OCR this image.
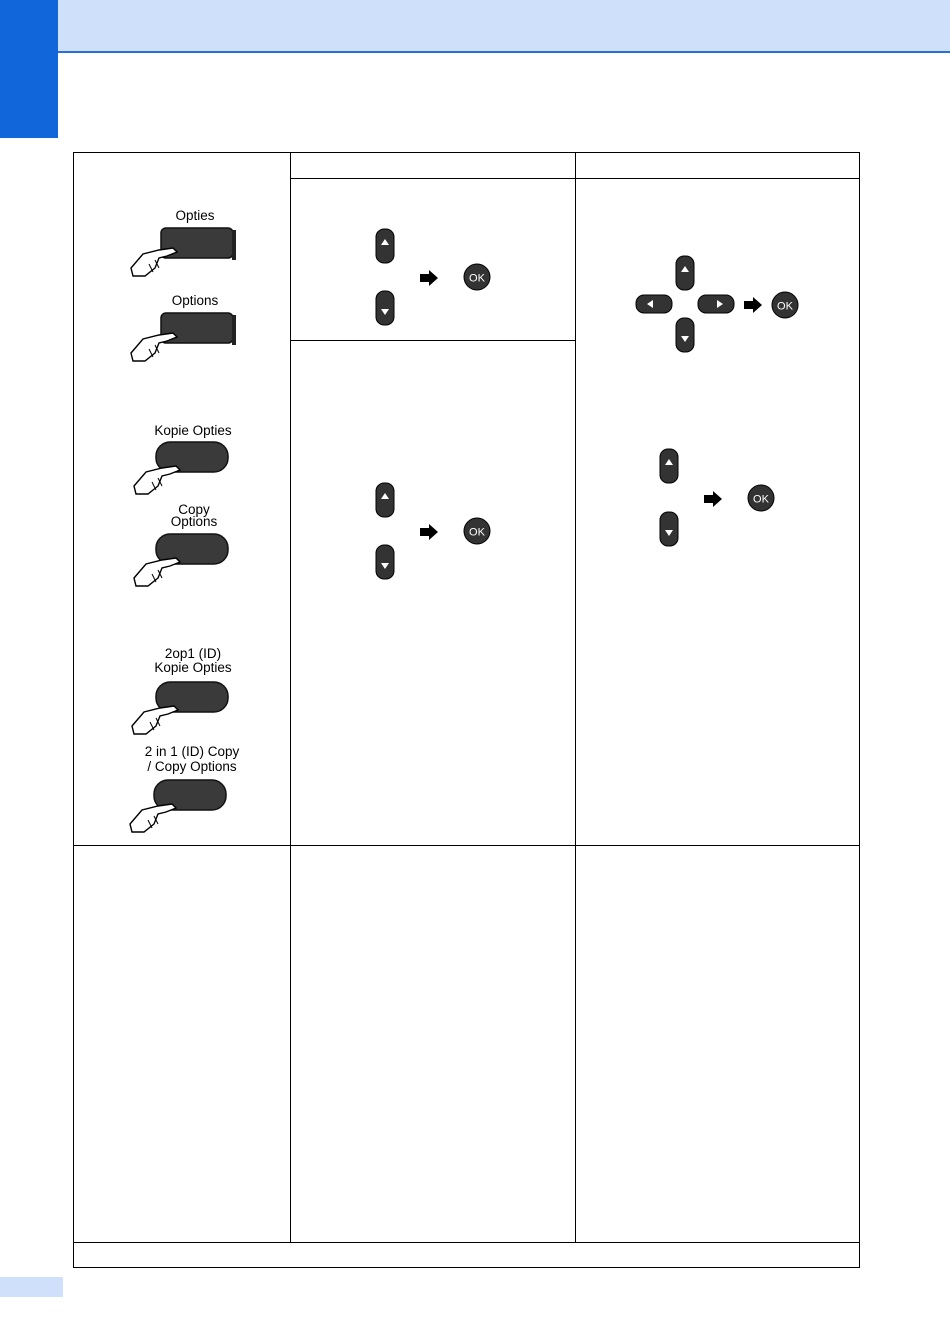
Opties
Options
Kopie Opties
Copy
Options
2op1 (ID)
Kopie Opties
2 in 1 (ID) Copy
/ Copy Options
OK
OK
OK
OK
